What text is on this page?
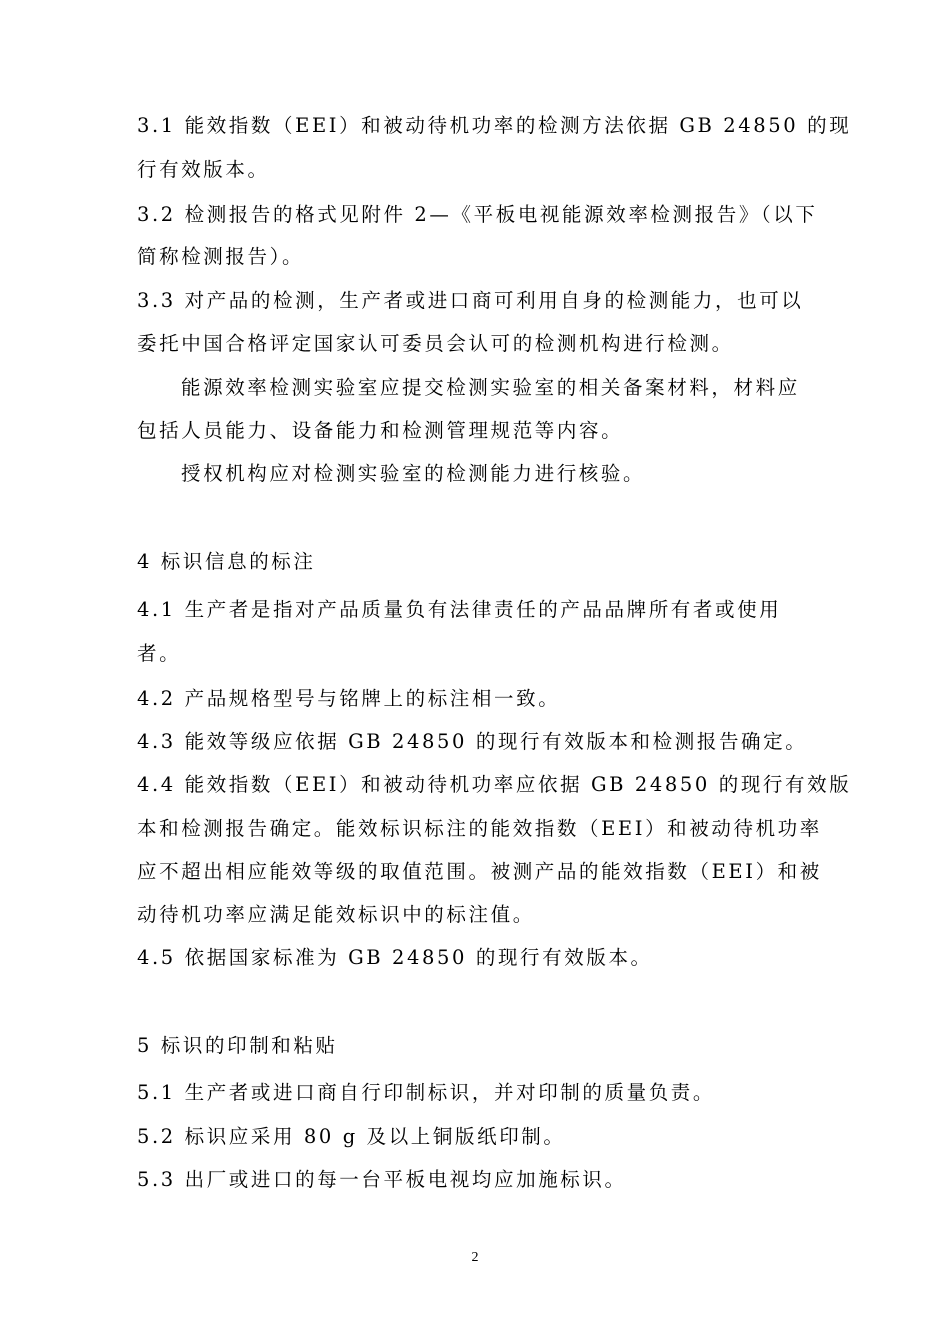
3.1 能效指数（EEI）和被动待机功率的检测方法依据 GB 24850 的现
行有效版本。
3.2 检测报告的格式见附件 2—《平板电视能源效率检测报告》（以下
简称检测报告）。
3.3 对产品的检测，生产者或进口商可利用自身的检测能力，也可以
委托中国合格评定国家认可委员会认可的检测机构进行检测。
能源效率检测实验室应提交检测实验室的相关备案材料，材料应
包括人员能力、设备能力和检测管理规范等内容。
授权机构应对检测实验室的检测能力进行核验。
4 标识信息的标注
4.1 生产者是指对产品质量负有法律责任的产品品牌所有者或使用
者。
4.2 产品规格型号与铭牌上的标注相一致。
4.3 能效等级应依据 GB 24850 的现行有效版本和检测报告确定。
4.4 能效指数（EEI）和被动待机功率应依据 GB 24850 的现行有效版
本和检测报告确定。能效标识标注的能效指数（EEI）和被动待机功率
应不超出相应能效等级的取值范围。被测产品的能效指数（EEI）和被
动待机功率应满足能效标识中的标注值。
4.5 依据国家标准为 GB 24850 的现行有效版本。
5 标识的印制和粘贴
5.1 生产者或进口商自行印制标识，并对印制的质量负责。
5.2 标识应采用 80 g 及以上铜版纸印制。
5.3 出厂或进口的每一台平板电视均应加施标识。
2
